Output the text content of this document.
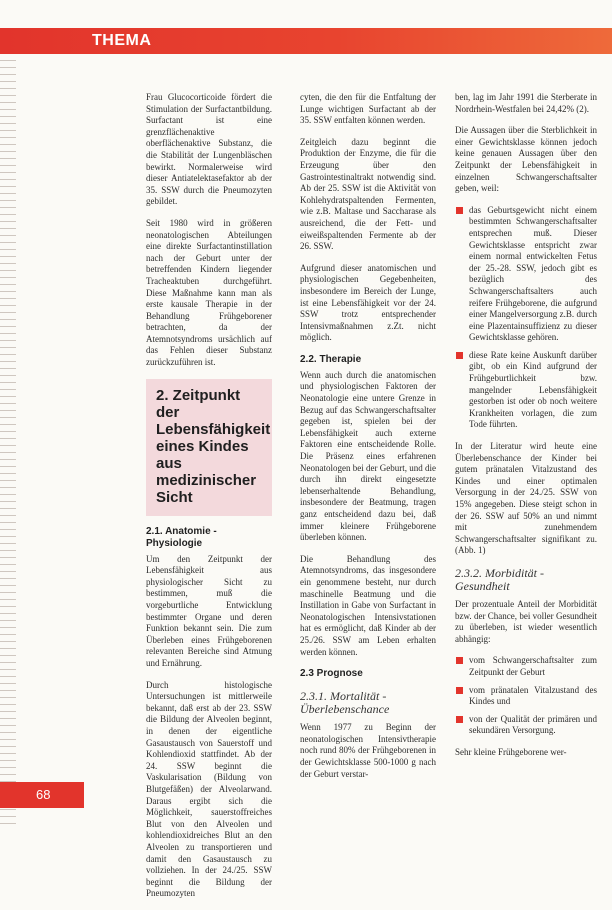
THEMA

Frau Glucocorticoide fördert die Stimulation der Surfactantbildung. Surfactant ist eine grenzflächenaktive oberflächenaktive Substanz, die die Stabilität der Lungenbläschen bewirkt. Normalerweise wird dieser Antiatelektasefaktor ab der 35. SSW durch die Pneumozyten gebildet.

Seit 1980 wird in größeren neonatologischen Abteilungen eine direkte Surfactantinstillation nach der Geburt unter der betreffenden Kindern liegender Tracheaktuben durchgeführt. Diese Maßnahme kann man als erste kausale Therapie in der Behandlung Frühgeborener betrachten, da der Atemnotsyndroms ursächlich auf das Fehlen dieser Substanz zurückzuführen ist.

2. Zeitpunkt der Lebensfähigkeit eines Kindes aus medizinischer Sicht
2.1. Anatomie - Physiologie

Um den Zeitpunkt der Lebensfähigkeit aus physiologischer Sicht zu bestimmen, muß die vorgeburtliche Entwicklung bestimmter Organe und deren Funktion bekannt sein. Die zum Überleben eines Frühgeborenen relevanten Bereiche sind Atmung und Ernährung.

Durch histologische Untersuchungen ist mittlerweile bekannt, daß erst ab der 23. SSW die Bildung der Alveolen beginnt, in denen der eigentliche Gasaustausch von Sauerstoff und Kohlendioxid stattfindet. Ab der 24. SSW beginnt die Vaskularisation (Bildung von Blutgefäßen) der Alveolarwand. Daraus ergibt sich die Möglichkeit, sauerstoffreiches Blut von den Alveolen und kohlendioxidreiches Blut an den Alveolen zu transportieren und damit den Gasaustausch zu vollziehen. In der 24./25. SSW beginnt die Bildung der Pneumozyten

cyten, die den für die Entfaltung der Lunge wichtigen Surfactant ab der 35. SSW entfalten können werden.

Zeitgleich dazu beginnt die Produktion der Enzyme, die für die Erzeugung über den Gastrointestinaltrakt notwendig sind. Ab der 25. SSW ist die Aktivität von Kohlehydratspaltenden Fermenten, wie z.B. Maltase und Saccharase als ausreichend, die der Fett- und eiweißspaltenden Fermente ab der 26. SSW.

Aufgrund dieser anatomischen und physiologischen Gegebenheiten, insbesondere im Bereich der Lunge, ist eine Lebensfähigkeit vor der 24. SSW trotz entsprechender Intensivmaßnahmen z.Zt. nicht möglich.

2.2. Therapie

Wenn auch durch die anatomischen und physiologischen Faktoren der Neonatologie eine untere Grenze in Bezug auf das Schwangerschaftsalter gegeben ist, spielen bei der Lebensfähigkeit auch externe Faktoren eine entscheidende Rolle. Die Präsenz eines erfahrenen Neonatologen bei der Geburt, und die durch ihn direkt eingesetzte lebenserhaltende Behandlung, insbesondere der Beatmung, tragen ganz entscheidend dazu bei, daß immer kleinere Frühgeborene überleben können.

Die Behandlung des Atemnotsyndroms, das insgesondere ein genommene besteht, nur durch maschinelle Beatmung und die Instillation in Gabe von Surfactant in Neonatologischen Intensivstationen hat es ermöglicht, daß Kinder ab der 25./26. SSW am Leben erhalten werden können.

2.3 Prognose
2.3.1. Mortalität - Überlebenschance

Wenn 1977 zu Beginn der neonatologischen Intensivtherapie noch rund 80% der Frühgeborenen in der Gewichtsklasse 500-1000 g nach der Geburt verstar-

ben, lag im Jahr 1991 die Sterberate in Nordrhein-Westfalen bei 24,42% (2).

Die Aussagen über die Sterblichkeit in einer Gewichtsklasse können jedoch keine genauen Aussagen über den Zeitpunkt der Lebensfähigkeit in einzelnen Schwangerschaftsalter geben, weil:

das Geburtsgewicht nicht einem bestimmten Schwangerschaftsalter entsprechen muß. Dieser Gewichtsklasse entspricht zwar einem normal entwickelten Fetus der 25.-28. SSW, jedoch gibt es bezüglich des Schwangerschaftsalters auch reifere Frühgeborene, die aufgrund einer Mangelversorgung z.B. durch eine Plazentainsuffizienz zu dieser Gewichtsklasse gehören.
diese Rate keine Auskunft darüber gibt, ob ein Kind aufgrund der Frühgeburtlichkeit bzw. mangelnder Lebensfähigkeit gestorben ist oder ob noch weitere Krankheiten vorlagen, die zum Tode führten.

In der Literatur wird heute eine Überlebenschance der Kinder bei gutem pränatalen Vitalzustand des Kindes und einer optimalen Versorgung in der 24./25. SSW von 15% angegeben. Diese steigt schon in der 26. SSW auf 50% an und nimmt mit zunehmendem Schwangerschaftsalter signifikant zu. (Abb. 1)

2.3.2. Morbidität - Gesundheit

Der prozentuale Anteil der Morbidität bzw. der Chance, bei voller Gesundheit zu überleben, ist wieder wesentlich abhängig:

vom Schwangerschaftsalter zum Zeitpunkt der Geburt
vom pränatalen Vitalzustand des Kindes und
von der Qualität der primären und sekundären Versorgung.

Sehr kleine Frühgeborene wer-

68
